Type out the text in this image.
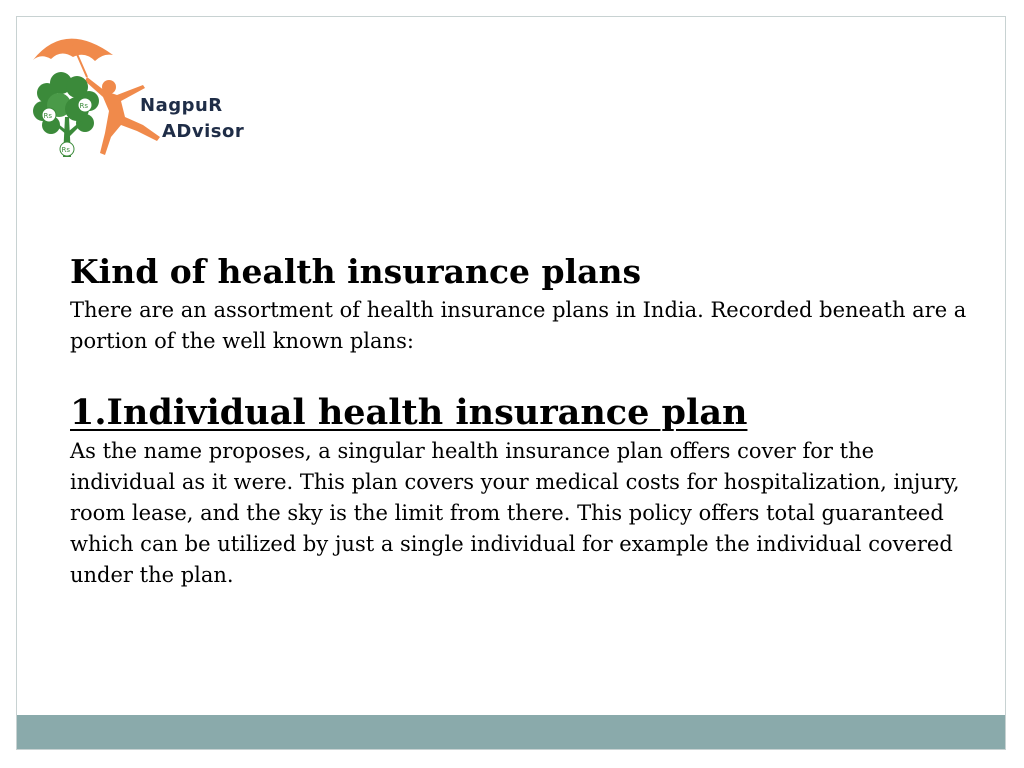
Rs
Rs
Rs
NagpuR
ADvisor
Kind of health insurance plans

There are an assortment of health insurance plans in India. Recorded beneath are a portion of the well known plans:

1.Individual health insurance plan

As the name proposes, a singular health insurance plan offers cover for the individual as it were. This plan covers your medical costs for hospitalization, injury, room lease, and the sky is the limit from there. This policy offers total guaranteed which can be utilized by just a single individual for example the individual covered under the plan.
